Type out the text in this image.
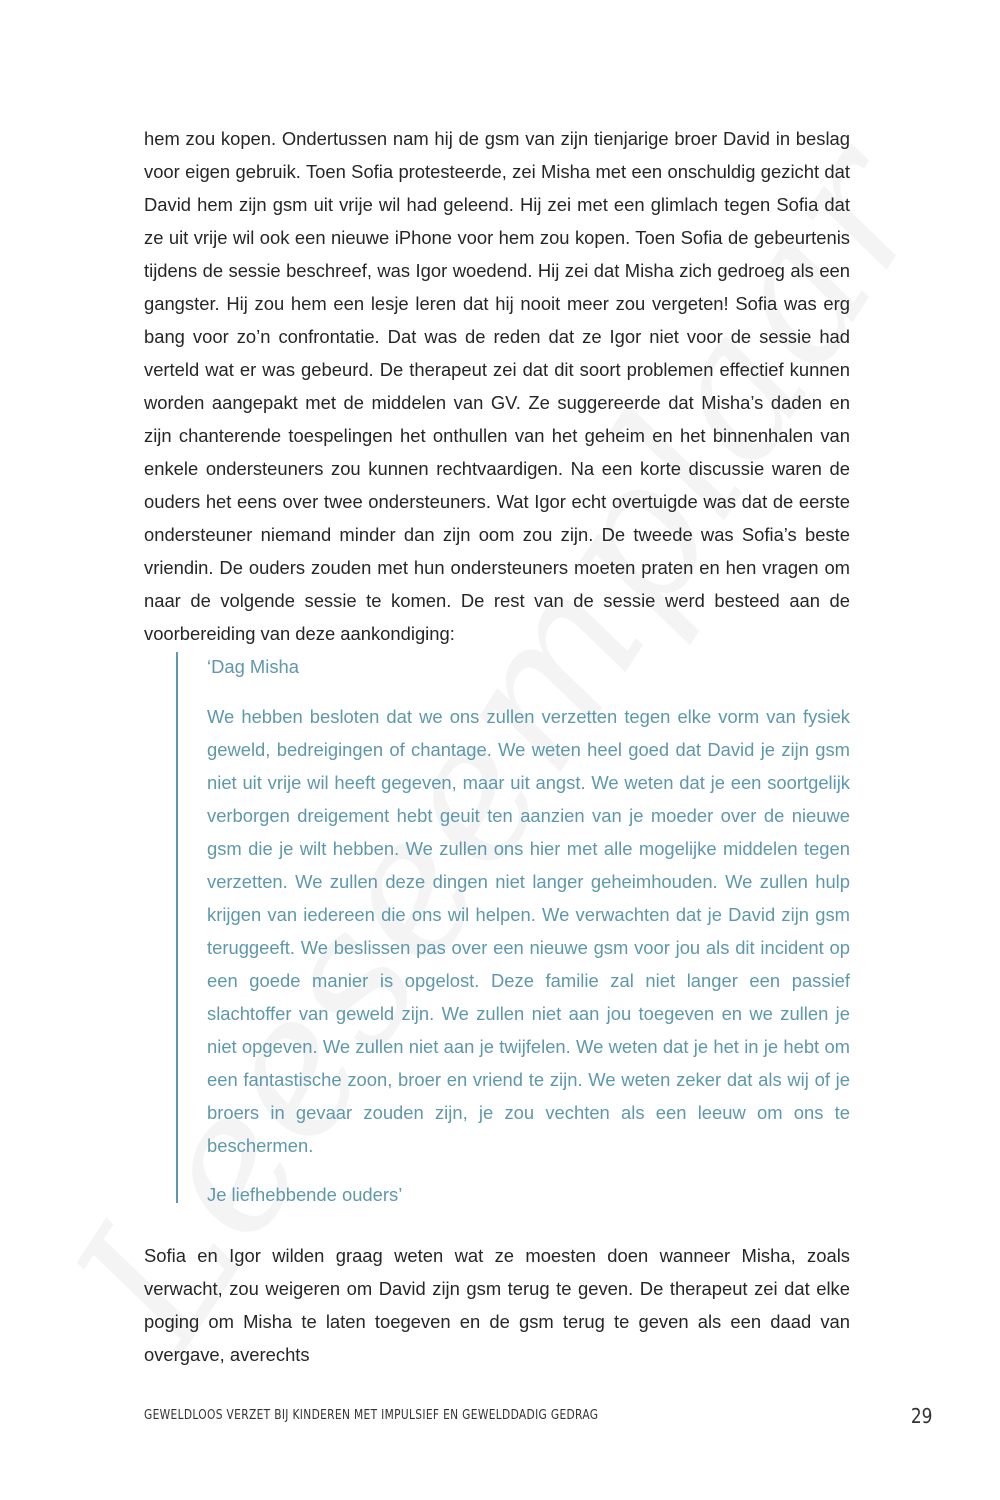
hem zou kopen. Ondertussen nam hij de gsm van zijn tienjarige broer David in beslag voor eigen gebruik. Toen Sofia protesteerde, zei Misha met een onschuldig gezicht dat David hem zijn gsm uit vrije wil had geleend. Hij zei met een glimlach tegen Sofia dat ze uit vrije wil ook een nieuwe iPhone voor hem zou kopen. Toen Sofia de gebeurtenis tijdens de sessie beschreef, was Igor woedend. Hij zei dat Misha zich gedroeg als een gangster. Hij zou hem een lesje leren dat hij nooit meer zou vergeten! Sofia was erg bang voor zo’n confrontatie. Dat was de reden dat ze Igor niet voor de sessie had verteld wat er was gebeurd. De therapeut zei dat dit soort problemen effectief kunnen worden aangepakt met de middelen van GV. Ze suggereerde dat Misha’s daden en zijn chanterende toespelingen het onthullen van het geheim en het binnenhalen van enkele ondersteuners zou kunnen rechtvaardigen. Na een korte discussie waren de ouders het eens over twee ondersteuners. Wat Igor echt overtuigde was dat de eerste ondersteuner niemand minder dan zijn oom zou zijn. De tweede was Sofia’s beste vriendin. De ouders zouden met hun ondersteuners moeten praten en hen vragen om naar de volgende sessie te komen. De rest van de sessie werd besteed aan de voorbereiding van deze aankondiging:

‘Dag Misha

We hebben besloten dat we ons zullen verzetten tegen elke vorm van fysiek geweld, bedreigingen of chantage. We weten heel goed dat David je zijn gsm niet uit vrije wil heeft gegeven, maar uit angst. We weten dat je een soortgelijk verborgen dreigement hebt geuit ten aanzien van je moeder over de nieuwe gsm die je wilt hebben. We zullen ons hier met alle mogelijke middelen tegen verzetten. We zullen deze dingen niet langer geheimhouden. We zullen hulp krijgen van iedereen die ons wil helpen. We verwachten dat je David zijn gsm teruggeeft. We beslissen pas over een nieuwe gsm voor jou als dit incident op een goede manier is opgelost. Deze familie zal niet langer een passief slachtoffer van geweld zijn. We zullen niet aan jou toegeven en we zullen je niet opgeven. We zullen niet aan je twijfelen. We weten dat je het in je hebt om een fantastische zoon, broer en vriend te zijn. We weten zeker dat als wij of je broers in gevaar zouden zijn, je zou vechten als een leeuw om ons te beschermen.

Je liefhebbende ouders’

Sofia en Igor wilden graag weten wat ze moesten doen wanneer Misha, zoals verwacht, zou weigeren om David zijn gsm terug te geven. De therapeut zei dat elke poging om Misha te laten toegeven en de gsm terug te geven als een daad van overgave, averechts

GEWELDLOOS VERZET BIJ KINDEREN MET IMPULSIEF EN GEWELDDADIG GEDRAG	29
